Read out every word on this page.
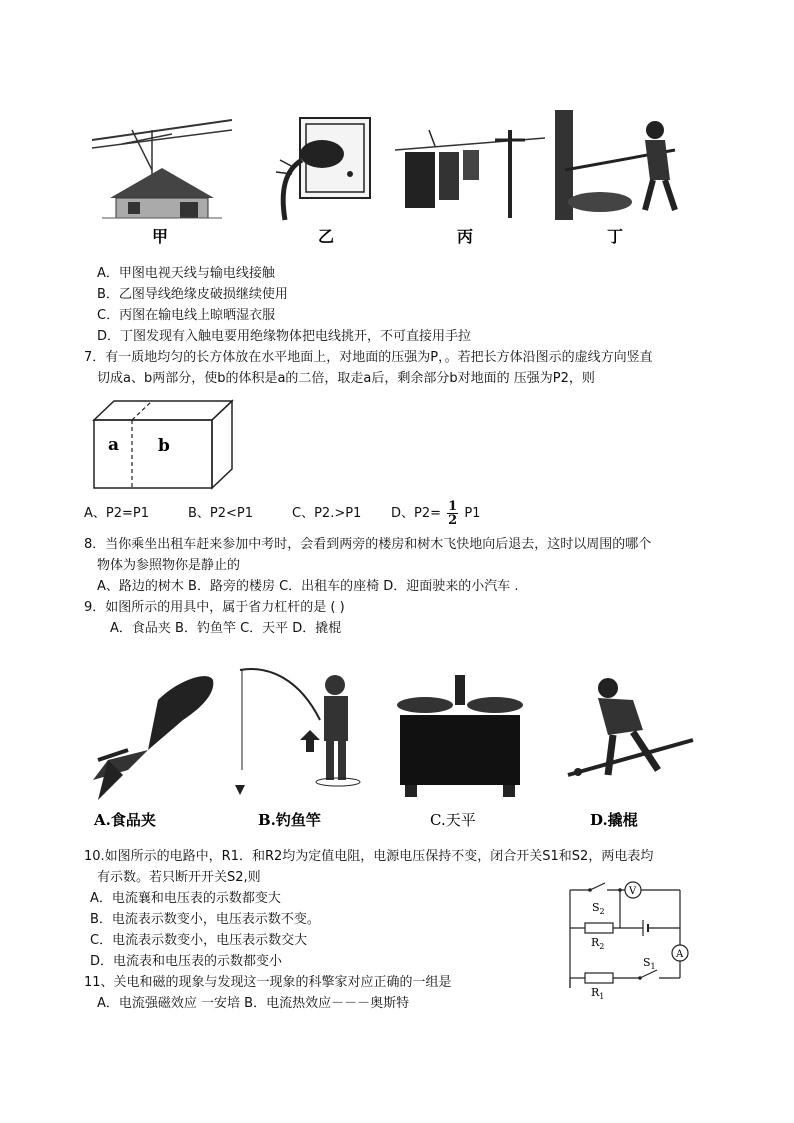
甲	乙	丙	丁
A．甲图电视天线与输电线接触
B．乙图导线绝缘皮破损继续使用
C．丙图在输电线上晾晒湿衣服
D．丁图发现有入触电要用绝缘物体把电线挑开，不可直接用手拉
7．有一质地均匀的长方体放在水平地面上，对地面的压强为P，。若把长方体沿图示的虚线方向竖直
切成a、b两部分，使b的体积是a的二倍，取走a后，剩余部分b对地面的 压强为P2，则
a b
A、P2=P1	B、P2<P1	C、P2.>P1 D、$P2= \frac{1}{2} P1$
8．当你乘坐出租车赶来参加中考时，会看到两旁的楼房和树木飞快地向后退去，这时以周围的哪个
物体为参照物你是静止的
A、路边的树木 B．路旁的楼房 C．出租车的座椅 D．迎面驶来的小汽车 .
9．如图所示的用具中，属于省力杠杆的是 ( )
A．食品夹 B．钓鱼竿 C．天平 D．撬棍
A.食品夹	B.钓鱼竿	C.天平	D.撬棍
10.如图所示的电路中，R1．和R2均为定值电阻，电源电压保持不变，闭合开关S1和S2，两电表均
有示数。若只断开开关S2,则
A．电流襄和电压表的示数都变大
B．电流表示数变小，电压表示数不变。
C．电流表示数变小，电压表示数交大
D．电流表和电压表的示数都变小
V
A
$S_2$
$R_2$
$S_1$
$R_1$
11、关电和磁的现象与发现这一现象的科擎家对应正确的一组是
A．电流强磁效应 一安培 B．电流热效应－－－奥斯特
